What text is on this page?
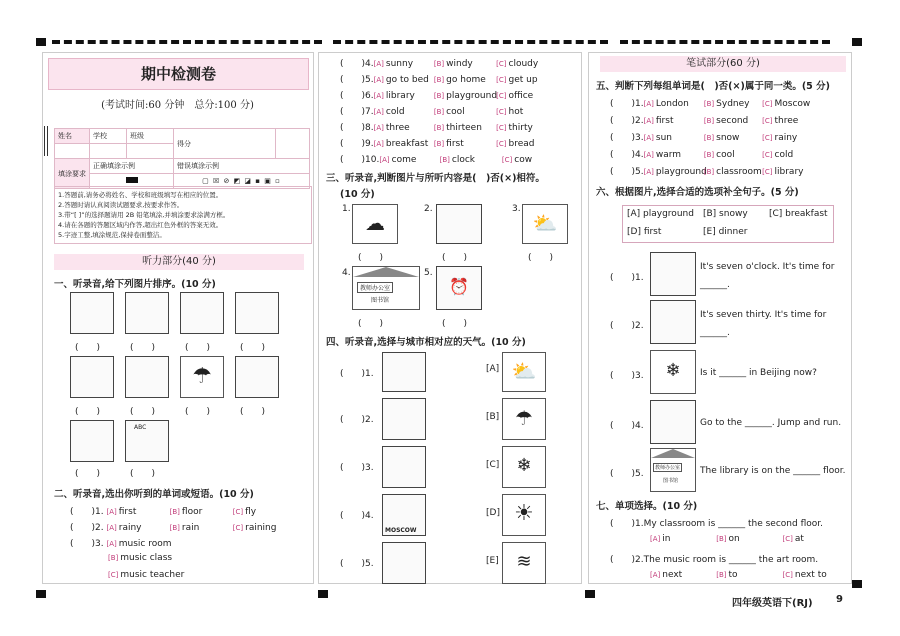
期中检测卷
(考试时间:60 分钟　总分:100 分)
姓名	学校	班级	得分	

填涂要求	正确填涂示例		错误填涂示例	
			▢ ☒ ⊘ ◩ ◪ ▪ ▣ ▫	
1.答题前,请务必将姓名、学校和班级填写在相应的位置。
2.答题时请认真阅读试题要求,按要求作答。
3.带“[ ]”的选择题请用 2B 铅笔填涂,并填涂要求涂满方框。
4.请在各题的答题区域内作答,超出红色外框的答案无效。
5.字迹工整,填涂规范,保持卷面整洁。
听力部分(40 分)
一、听录音,给下列图片排序。(10 分)
(　　)	(　　)	(　　)	(　　)
☂
(　　)	(　　)	(　　)	(　　)
ABC
(　　)	(　　)
二、听录音,选出你听到的单词或短语。(10 分)
(　　)1. [A] first	[B] floor	[C] fly
(　　)2. [A] rainy	[B] rain	[C] raining
(　　)3. [A] music room
[B] music class
[C] music teacher
(　　)4.[A] sunny	[B] windy	[C] cloudy
(　　)5.[A] go to bed [B] go home [C] get up
(　　)6.[A] library	[B] playground[C] office
(　　)7.[A] cold	[B] cool	[C] hot
(　　)8.[A] three	[B] thirteen [C] thirty
(　　)9.[A] breakfast [B] first	[C] bread
(　　)10.[A] come	[B] clock	[C] cow
三、听录音,判断图片与所听内容是(　)否(×)相符。
(10 分)
1.
☁
2.	3.
⛅
(　　)	(　　)	(　　)
4.
教师办公室
图书馆
5.
⏰
(　　)	(　　)
四、听录音,选择与城市相对应的天气。(10 分)
(　　)1.	[A] ⛅
(　　)2.	[B] ☂
(　　)3.	[C] ❄
(　　)4.
MOSCOW
[D] ☀
(　　)5.	[E] ≋
笔试部分(60 分)
五、判断下列每组单词是(　)否(×)属于同一类。(5 分)
(　　)1.[A] London [B] Sydney [C] Moscow
(　　)2.[A] first	[B] second [C] three
(　　)3.[A] sun	[B] snow	[C] rainy
(　　)4.[A] warm	[B] cool	[C] cold
(　　)5.[A] playground[B] classroom[C] library
六、根据图片,选择合适的选项补全句子。(5 分)
[A] playground [B] snowy [C] breakfast
[D] first	[E] dinner
(　　)1.
It's seven o'clock. It's time for
______.
(　　)2.
It's seven thirty. It's time for
______.
(　　)3.	❄	Is it ______ in Beijing now?
(　　)4.	Go to the ______. Jump and run.
(　　)5.
教师办公室
图书馆
The library is on the ______ floor.
七、单项选择。(10 分)
(　　)1.My classroom is ______ the second floor.
[A] in	[B] on	[C] at
(　　)2.The music room is ______ the art room.
[A] next	[B] to	[C] next to
四年级英语下(RJ) 9
